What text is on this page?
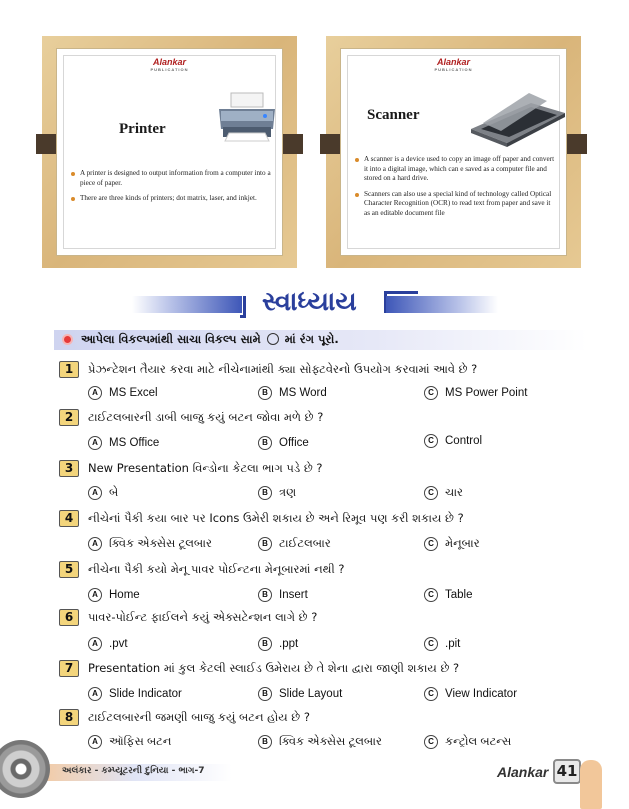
Alankar
PUBLICATION
Printer
A printer is designed to output information from a computer into a piece of paper.
There are three kinds of printers; dot matrix, laser, and inkjet.
Alankar
PUBLICATION
Scanner
A scanner is a device used to copy an image off paper and convert it into a digital image, which can e saved as a computer file and stored on a hard drive.
Scanners can also use a special kind of technology called Optical Character Recognition (OCR) to read text from paper and save it as an editable document file
સ્વાધ્યાય
આપેલા વિકલ્પમાંથી સાચા વિકલ્પ સામે માં રંગ પૂરો.
1	પ્રેઝન્ટેશન તૈયાર કરવા માટે નીચેનામાંથી ક્યા સોફ્ટવેરનો ઉપયોગ કરવામાં આવે છે ?
A MS Excel	B MS Word	C MS Power Point
2	ટાઈટલબારની ડાબી બાજુ કયું બટન જોવા મળે છે ?
A MS Office	B Office	C Control
3	New Presentation વિન્ડોના કેટલા ભાગ પડે છે ?
A બે	B ત્રણ	C ચાર
4	નીચેનાં પૈકી કયા બાર પર Icons ઉમેરી શકાય છે અને રિમૂવ પણ કરી શકાય છે ?
A ક્વિક એક્સેસ ટૂલબાર	B ટાઈટલબાર	C મેનૂબાર
5	નીચેના પૈકી કયો મેનૂ પાવર પોઈન્ટના મેનૂબારમાં નથી ?
A Home	B Insert	C Table
6	પાવર-પોઈન્ટ ફાઈલને કયું એક્સટેન્શન લાગે છે ?
A .pvt	B .ppt	C .pit
7	Presentation માં કુલ કેટલી સ્લાઈડ ઉમેરાય છે તે શેના દ્વારા જાણી શકાય છે ?
A Slide Indicator	B Slide Layout	C View Indicator
8	ટાઈટલબારની જમણી બાજુ કયું બટન હોય છે ?
A ઑફિસ બટન	B ક્વિક એક્સેસ ટૂલબાર	C કન્ટ્રોલ બટન્સ
અલંકાર - કમ્પ્યૂટરની દુનિયા - ભાગ-7	Alankar 41
